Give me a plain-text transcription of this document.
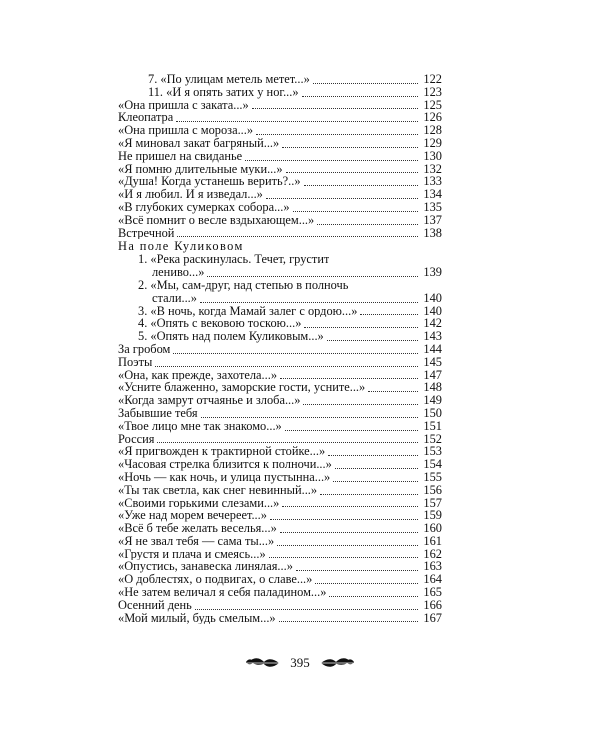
7. «По улицам метель метет...»	122
11. «И я опять затих у ног...»	123
«Она пришла с заката...»	125
Клеопатра	126
«Она пришла с мороза...»	128
«Я миновал закат багряный...»	129
Не пришел на свиданье	130
«Я помню длительные муки...»	132
«Душа! Когда устанешь верить?..»	133
«И я любил. И я изведал...»	134
«В глубоких сумерках собора...»	135
«Всё помнит о весле вздыхающем...»	137
Встречной	138
На поле Куликовом
1. «Река раскинулась. Течет, грустит
лениво...»	139
2. «Мы, сам-друг, над степью в полночь
стали...»	140
3. «В ночь, когда Мамай залег с ордою...»	140
4. «Опять с вековою тоскою...»	142
5. «Опять над полем Куликовым...»	143
За гробом	144
Поэты	145
«Она, как прежде, захотела...»	147
«Усните блаженно, заморские гости, усните...»	148
«Когда замрут отчаянье и злоба...»	149
Забывшие тебя	150
«Твое лицо мне так знакомо...»	151
Россия	152
«Я пригвожден к трактирной стойке...»	153
«Часовая стрелка близится к полночи...»	154
«Ночь — как ночь, и улица пустынна...»	155
«Ты так светла, как снег невинный...»	156
«Своими горькими слезами...»	157
«Уже над морем вечереет...»	159
«Всё б тебе желать веселья...»	160
«Я не звал тебя — сама ты...»	161
«Грустя и плача и смеясь...»	162
«Опустись, занавеска линялая...»	163
«О доблестях, о подвигах, о славе...»	164
«Не затем величал я себя паладином...»	165
Осенний день	166
«Мой милый, будь смелым...»	167
395
